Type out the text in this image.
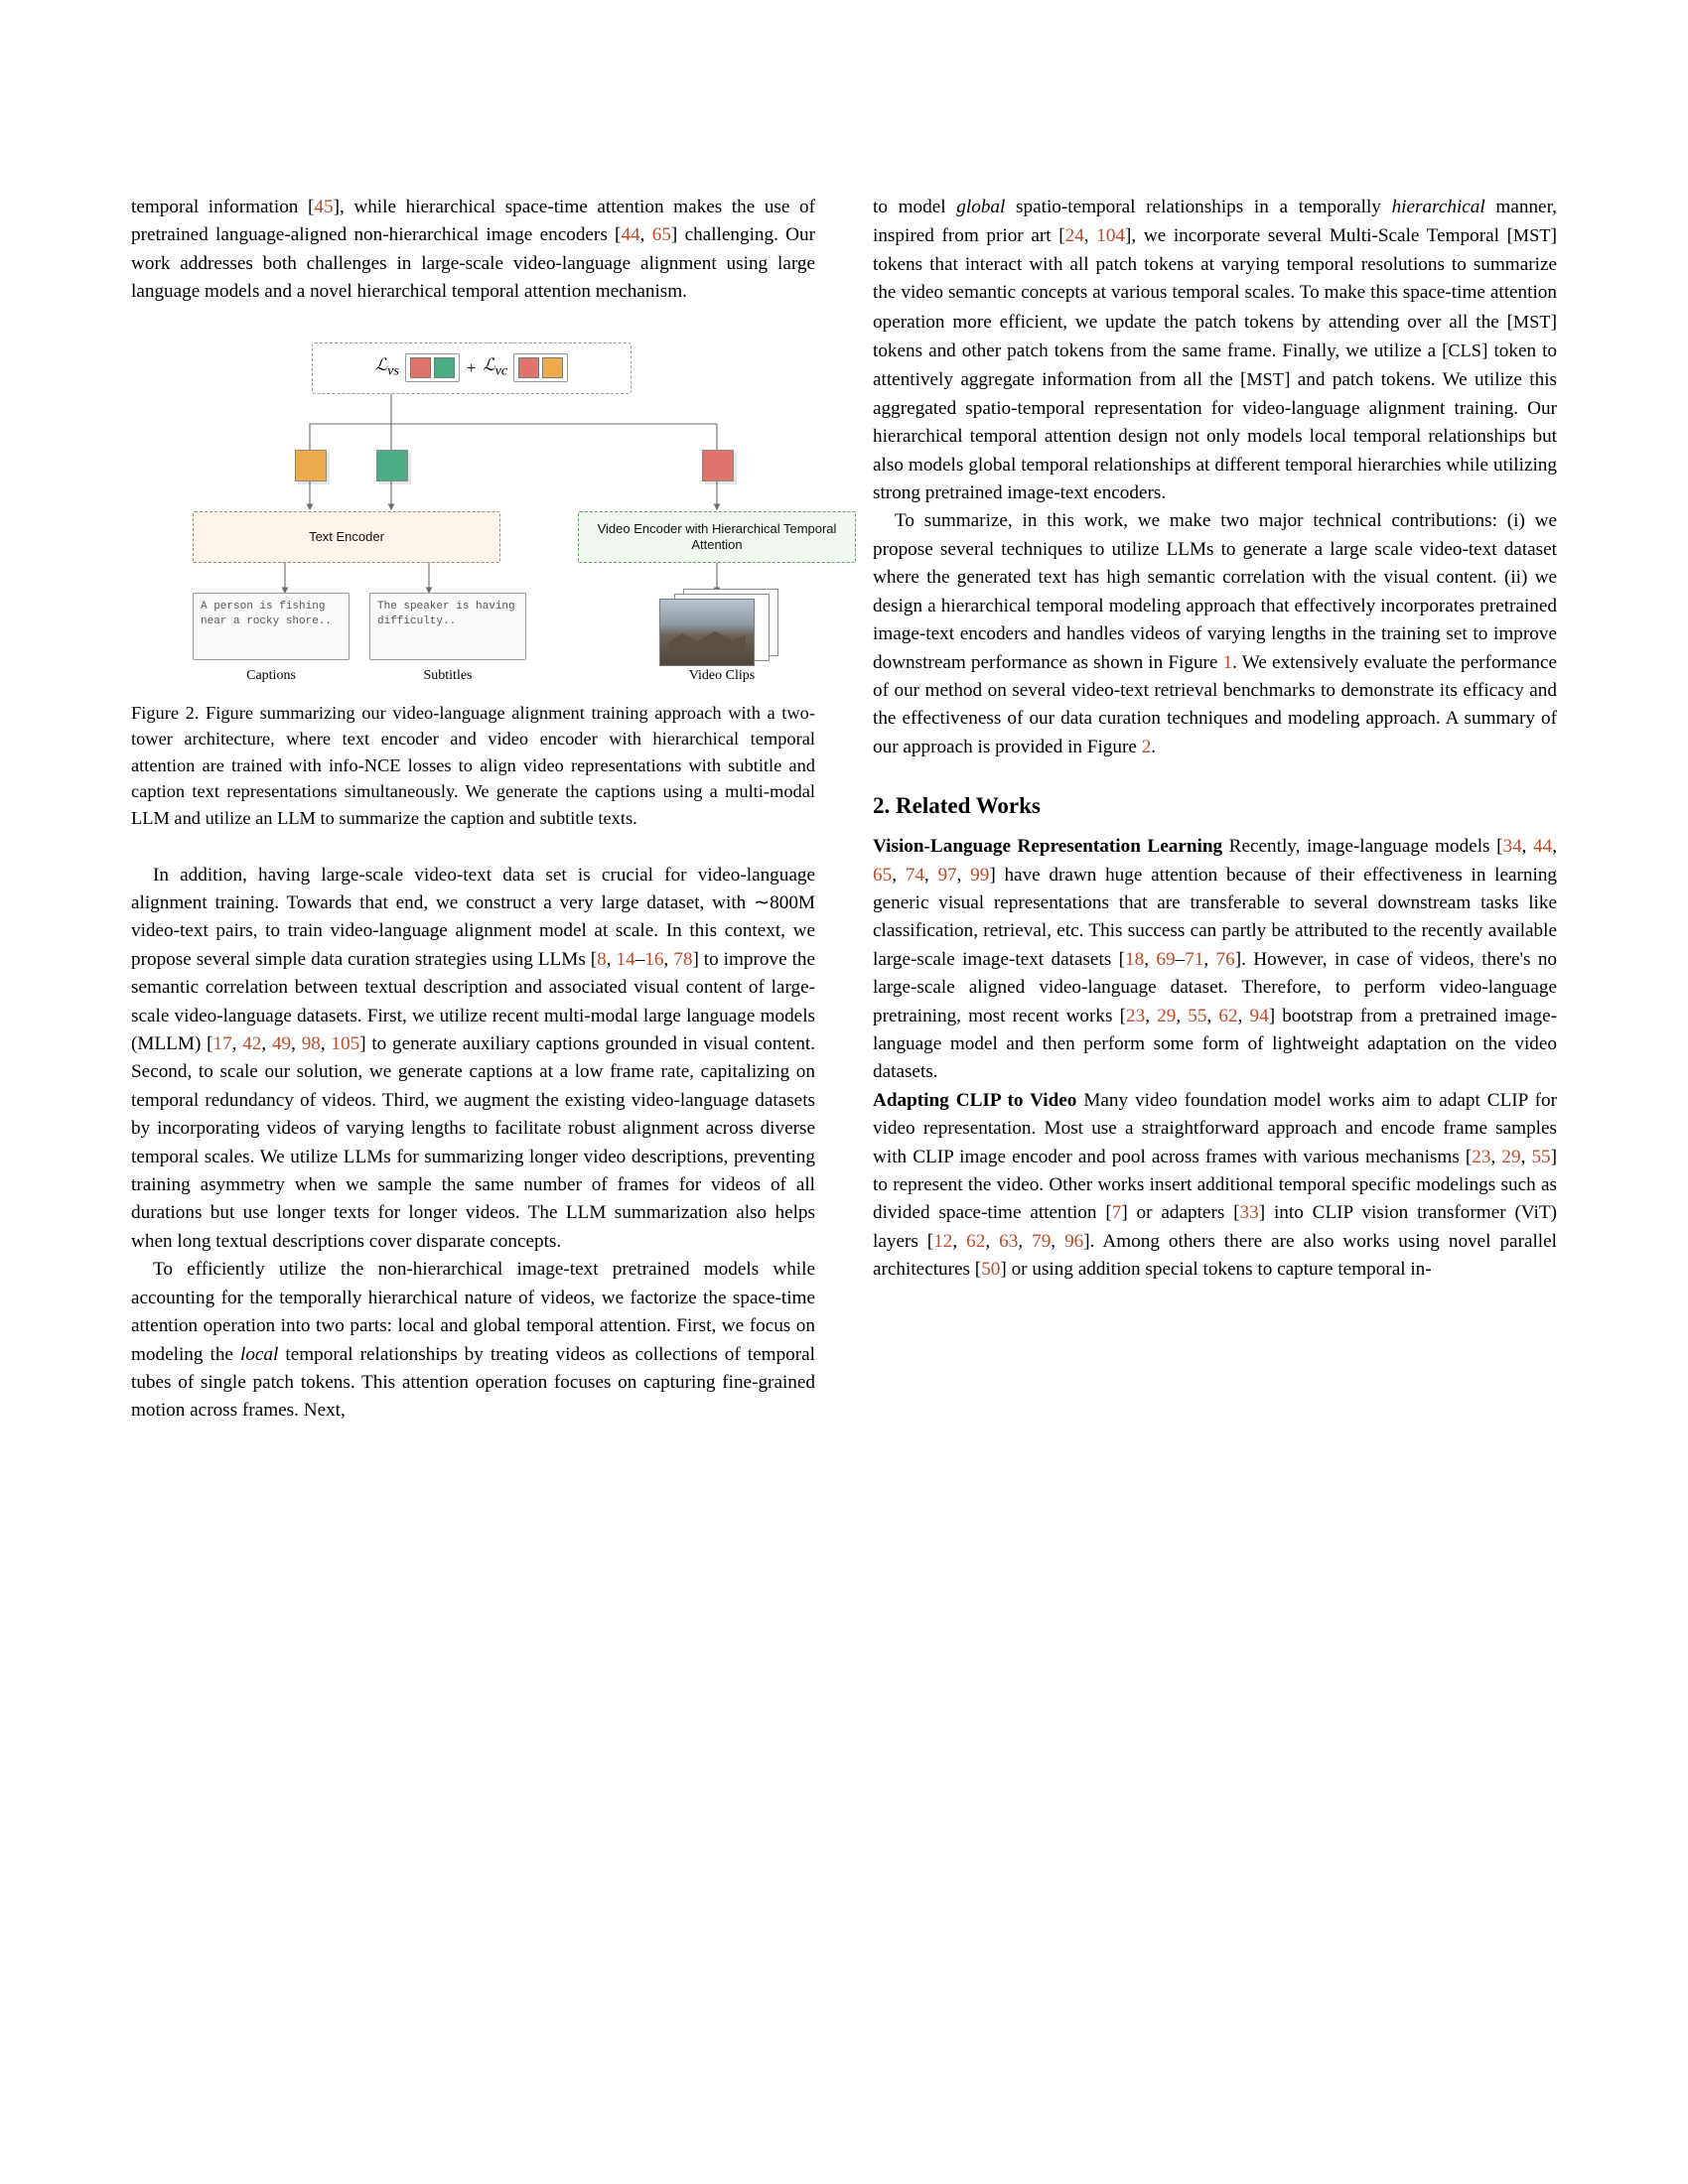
temporal information [45], while hierarchical space-time attention makes the use of pretrained language-aligned non-hierarchical image encoders [44, 65] challenging. Our work addresses both challenges in large-scale video-language alignment using large language models and a novel hierarchical temporal attention mechanism.

ℒ$_{vs}$	+ ℒ$_{vc}$
Text Encoder
Video Encoder with Hierarchical Temporal Attention
A person is fishing near a rocky shore..
The speaker is having difficulty..
Captions	Subtitles	Video Clips
Figure 2. Figure summarizing our video-language alignment training approach with a two-tower architecture, where text encoder and video encoder with hierarchical temporal attention are trained with info-NCE losses to align video representations with subtitle and caption text representations simultaneously. We generate the captions using a multi-modal LLM and utilize an LLM to summarize the caption and subtitle texts.

In addition, having large-scale video-text data set is crucial for video-language alignment training. Towards that end, we construct a very large dataset, with ∼800M video-text pairs, to train video-language alignment model at scale. In this context, we propose several simple data curation strategies using LLMs [8, 14–16, 78] to improve the semantic correlation between textual description and associated visual content of large-scale video-language datasets. First, we utilize recent multi-modal large language models (MLLM) [17, 42, 49, 98, 105] to generate auxiliary captions grounded in visual content. Second, to scale our solution, we generate captions at a low frame rate, capitalizing on temporal redundancy of videos. Third, we augment the existing video-language datasets by incorporating videos of varying lengths to facilitate robust alignment across diverse temporal scales. We utilize LLMs for summarizing longer video descriptions, preventing training asymmetry when we sample the same number of frames for videos of all durations but use longer texts for longer videos. The LLM summarization also helps when long textual descriptions cover disparate concepts.

To efficiently utilize the non-hierarchical image-text pretrained models while accounting for the temporally hierarchical nature of videos, we factorize the space-time attention operation into two parts: local and global temporal attention. First, we focus on modeling the local temporal relationships by treating videos as collections of temporal tubes of single patch tokens. This attention operation focuses on capturing fine-grained motion across frames. Next,

to model global spatio-temporal relationships in a temporally hierarchical manner, inspired from prior art [24, 104], we incorporate several Multi-Scale Temporal [MST] tokens that interact with all patch tokens at varying temporal resolutions to summarize the video semantic concepts at various temporal scales. To make this space-time attention operation more efficient, we update the patch tokens by attending over all the [MST] tokens and other patch tokens from the same frame. Finally, we utilize a [CLS] token to attentively aggregate information from all the [MST] and patch tokens. We utilize this aggregated spatio-temporal representation for video-language alignment training. Our hierarchical temporal attention design not only models local temporal relationships but also models global temporal relationships at different temporal hierarchies while utilizing strong pretrained image-text encoders.

To summarize, in this work, we make two major technical contributions: (i) we propose several techniques to utilize LLMs to generate a large scale video-text dataset where the generated text has high semantic correlation with the visual content. (ii) we design a hierarchical temporal modeling approach that effectively incorporates pretrained image-text encoders and handles videos of varying lengths in the training set to improve downstream performance as shown in Figure 1. We extensively evaluate the performance of our method on several video-text retrieval benchmarks to demonstrate its efficacy and the effectiveness of our data curation techniques and modeling approach. A summary of our approach is provided in Figure 2.

2. Related Works

Vision-Language Representation Learning Recently, image-language models [34, 44, 65, 74, 97, 99] have drawn huge attention because of their effectiveness in learning generic visual representations that are transferable to several downstream tasks like classification, retrieval, etc. This success can partly be attributed to the recently available large-scale image-text datasets [18, 69–71, 76]. However, in case of videos, there's no large-scale aligned video-language dataset. Therefore, to perform video-language pretraining, most recent works [23, 29, 55, 62, 94] bootstrap from a pretrained image-language model and then perform some form of lightweight adaptation on the video datasets.

Adapting CLIP to Video Many video foundation model works aim to adapt CLIP for video representation. Most use a straightforward approach and encode frame samples with CLIP image encoder and pool across frames with various mechanisms [23, 29, 55] to represent the video. Other works insert additional temporal specific modelings such as divided space-time attention [7] or adapters [33] into CLIP vision transformer (ViT) layers [12, 62, 63, 79, 96]. Among others there are also works using novel parallel architectures [50] or using addition special tokens to capture temporal in-
